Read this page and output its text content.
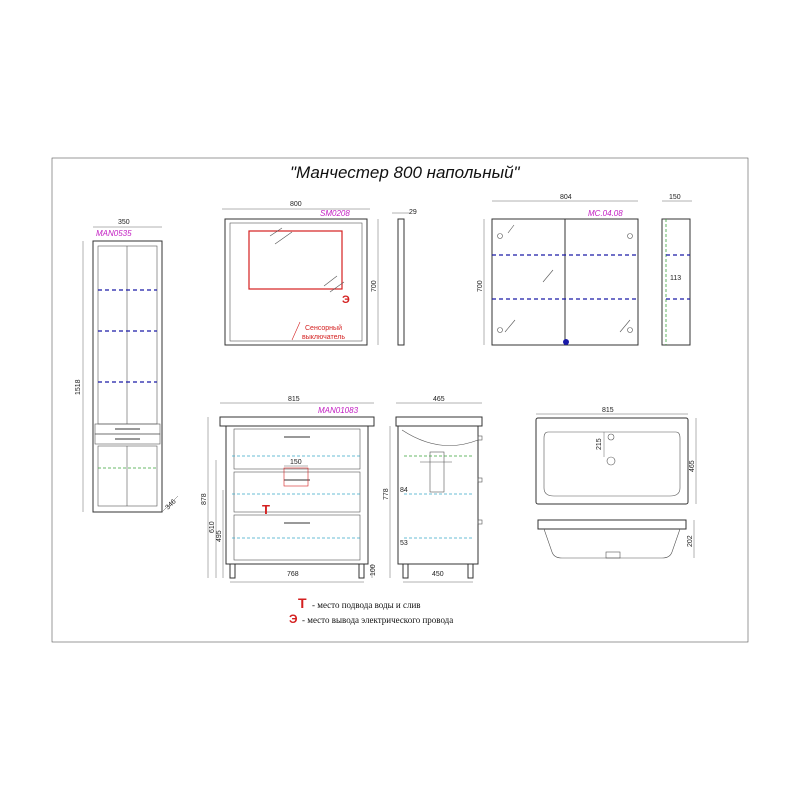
"Манчестер 800 напольный"
350
MAN0535
1518
346
800
SM0208
Э
Сенсорный
выключатель
700
29
804
MC.04.08
700
150
113
815
MAN01083
150
Т
768
878
610
495
100
465
450
778 84
53
815
215
465
202
Т - место подвода воды и слив
Э - место вывода электрического провода
